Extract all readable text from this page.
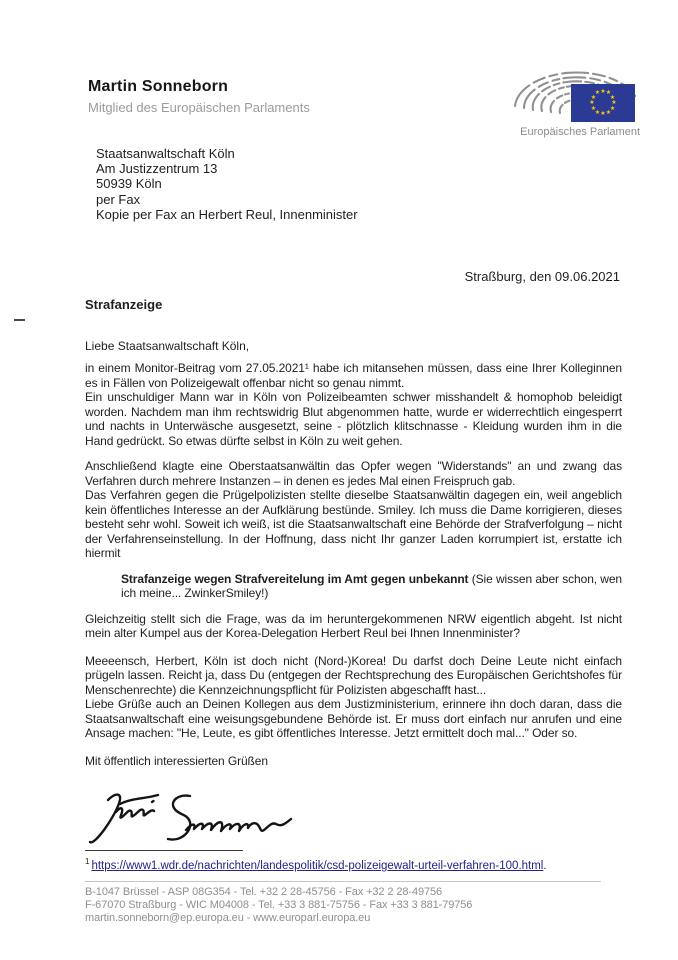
Martin Sonneborn
Mitglied des Europäischen Parlaments
★ ★
★
★
★
★
★
★
★
★
★
★
Europäisches Parlament
Staatsanwaltschaft Köln
Am Justizzentrum 13
50939 Köln
per Fax
Kopie per Fax an Herbert Reul, Innenminister
Straßburg, den 09.06.2021
Strafanzeige
Liebe Staatsanwaltschaft Köln,

in einem Monitor-Beitrag vom 27.05.2021¹ habe ich mitansehen müssen, dass eine Ihrer Kolleginnen es in Fällen von Polizeigewalt offenbar nicht so genau nimmt.

Ein unschuldiger Mann war in Köln von Polizeibeamten schwer misshandelt & homophob beleidigt worden. Nachdem man ihm rechtswidrig Blut abgenommen hatte, wurde er widerrechtlich eingesperrt und nachts in Unterwäsche ausgesetzt, seine - plötzlich klitschnasse - Kleidung wurden ihm in die Hand gedrückt. So etwas dürfte selbst in Köln zu weit gehen.

Anschließend klagte eine Oberstaatsanwältin das Opfer wegen "Widerstands" an und zwang das Verfahren durch mehrere Instanzen – in denen es jedes Mal einen Freispruch gab.

Das Verfahren gegen die Prügelpolizisten stellte dieselbe Staatsanwältin dagegen ein, weil angeblich kein öffentliches Interesse an der Aufklärung bestünde. Smiley. Ich muss die Dame korrigieren, dieses besteht sehr wohl. Soweit ich weiß, ist die Staatsanwaltschaft eine Behörde der Strafverfolgung – nicht der Verfahrenseinstellung. In der Hoffnung, dass nicht Ihr ganzer Laden korrumpiert ist, erstatte ich hiermit

Strafanzeige wegen Strafvereitelung im Amt gegen unbekannt (Sie wissen aber schon, wen ich meine... ZwinkerSmiley!)

Gleichzeitig stellt sich die Frage, was da im heruntergekommenen NRW eigentlich abgeht. Ist nicht mein alter Kumpel aus der Korea-Delegation Herbert Reul bei Ihnen Innenminister?

Meeeensch, Herbert, Köln ist doch nicht (Nord-)Korea! Du darfst doch Deine Leute nicht einfach prügeln lassen. Reicht ja, dass Du (entgegen der Rechtsprechung des Europäischen Gerichtshofes für Menschenrechte) die Kennzeichnungspflicht für Polizisten abgeschafft hast...

Liebe Grüße auch an Deinen Kollegen aus dem Justizministerium, erinnere ihn doch daran, dass die Staatsanwaltschaft eine weisungsgebundene Behörde ist. Er muss dort einfach nur anrufen und eine Ansage machen: "He, Leute, es gibt öffentliches Interesse. Jetzt ermittelt doch mal..." Oder so.

Mit öffentlich interessierten Grüßen

$^1$ https://www1.wdr.de/nachrichten/landespolitik/csd-polizeigewalt-urteil-verfahren-100.html.
B-1047 Brüssel - ASP 08G354 - Tel. +32 2 28-45756 - Fax +32 2 28-49756
F-67070 Straßburg - WIC M04008 - Tel. +33 3 881-75756 - Fax +33 3 881-79756
martin.sonneborn@ep.europa.eu - www.europarl.europa.eu
